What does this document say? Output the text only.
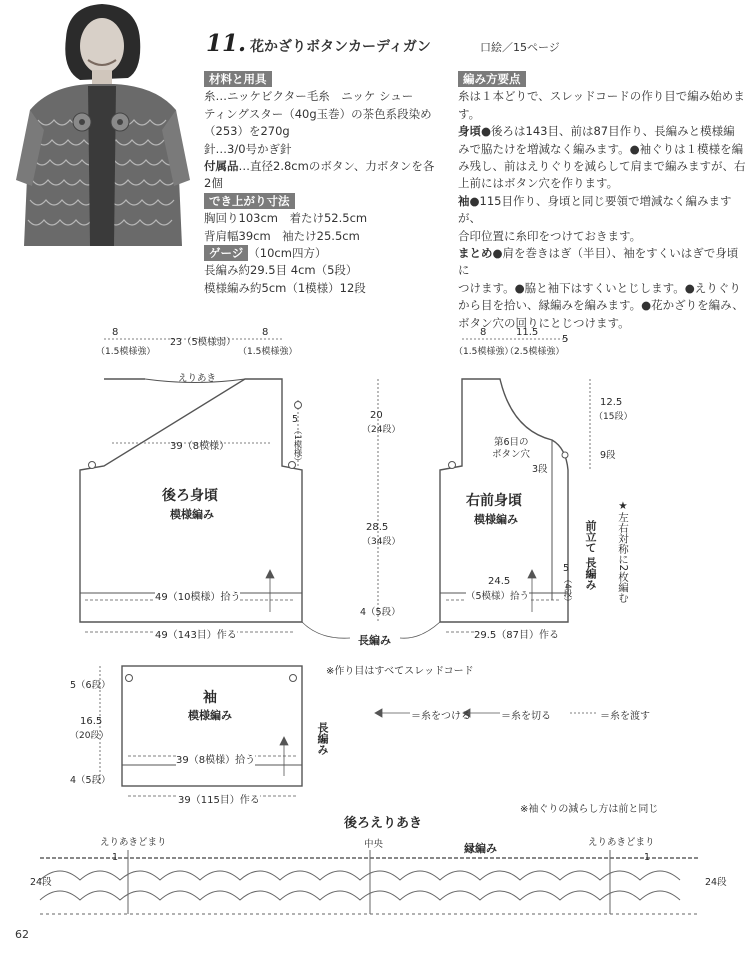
11. 花かざりボタンカーディガン	口絵／15ページ
材料と用具

糸…ニッケビクター毛糸　ニッケ シュー

ティングスター（40g玉巻）の茶色系段染め

（253）を270g

針…3/0号かぎ針

付属品…直径2.8cmのボタン、力ボタンを各

2個

でき上がり寸法

胸回り103cm　着たけ52.5cm

背肩幅39cm　袖たけ25.5cm

ゲージ （10cm四方）

長編み約29.5目 4cm（5段）

模様編み約5cm（1模様）12段

編み方要点

糸は１本どりで、スレッドコードの作り目で編み始めます。

身頃●後ろは143目、前は87目作り、長編みと模様編

みで脇たけを増減なく編みます。●袖ぐりは１模様を編

み残し、前はえりぐりを減らして肩まで編みますが、右

上前にはボタン穴を作ります。

袖●115目作り、身頃と同じ要領で増減なく編みますが、

合印位置に糸印をつけておきます。

まとめ●肩を巻きはぎ（半目）、袖をすくいはぎで身頃に

つけます。●脇と袖下はすくいとじします。●えりぐり

から目を拾い、縁編みを編みます。●花かざりを編み、

ボタン穴の回りにとじつけます。

8
（1.5模様強）
23（5模様弱）
8
（1.5模様強）
えりあき
5
（1模様）
39（8模様）
後ろ身頃
模様編み
49（10模様）拾う
49（143目）作る
20
（24段）
28.5
（34段）
4（5段）
8
（1.5模様強）
11.5
（2.5模様強）
5
12.5
（15段）
9段
第6目の
ボタン穴
3段
右前身頃
模様編み
前立て 長編み
5
（4段）
24.5
（5模様）拾う
29.5（87目）作る
★左右対称に2枚編む
長編み
5（6段）
16.5
（20段）
4（5段）
袖
模様編み
39（8模様）拾う
39（115目）作る
長編み
※作り目はすべてスレッドコード
＝糸をつける	＝糸を切る	＝糸を渡す
※袖ぐりの減らし方は前と同じ
後ろえりあき
えりあきどまり	えりあきどまり
中央	縁編み
24段	24段
1	1
62
